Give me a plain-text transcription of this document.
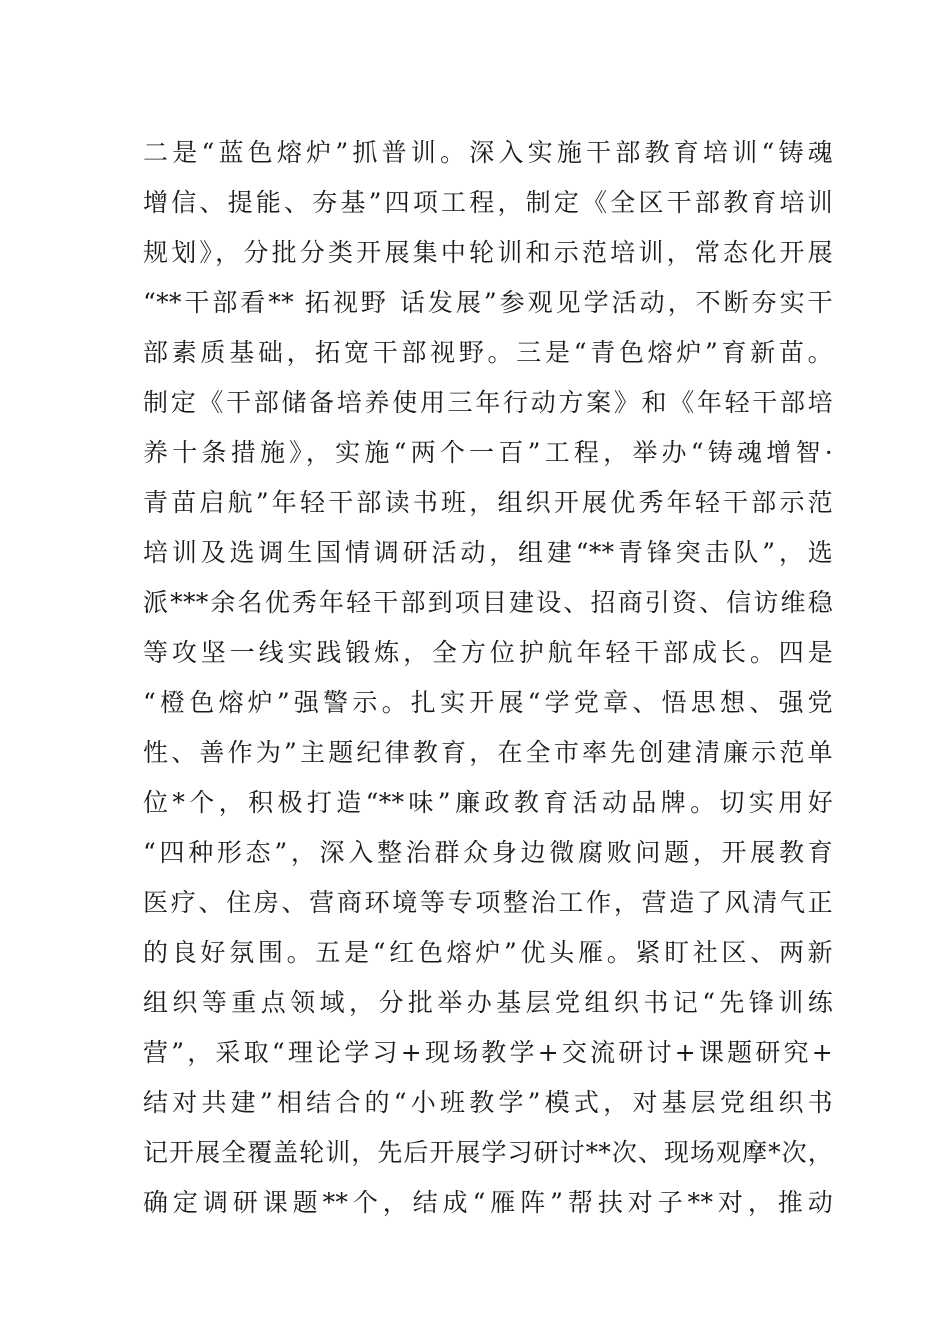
二是“蓝色熔炉”抓普训。深入实施干部教育培训“铸魂
增信、提能、夯基”四项工程，制定《全区干部教育培训
规划》，分批分类开展集中轮训和示范培训，常态化开展
“**干部看** 拓视野 话发展”参观见学活动，不断夯实干
部素质基础，拓宽干部视野。三是“青色熔炉”育新苗。
制定《干部储备培养使用三年行动方案》和《年轻干部培
养十条措施》，实施“两个一百”工程，举办“铸魂增智·
青苗启航”年轻干部读书班，组织开展优秀年轻干部示范
培训及选调生国情调研活动，组建“**青锋突击队”，选
派***余名优秀年轻干部到项目建设、招商引资、信访维稳
等攻坚一线实践锻炼，全方位护航年轻干部成长。四是
“橙色熔炉”强警示。扎实开展“学党章、悟思想、强党
性、善作为”主题纪律教育，在全市率先创建清廉示范单
位*个，积极打造“**味”廉政教育活动品牌。切实用好
“四种形态”，深入整治群众身边微腐败问题，开展教育
医疗、住房、营商环境等专项整治工作，营造了风清气正
的良好氛围。五是“红色熔炉”优头雁。紧盯社区、两新
组织等重点领域，分批举办基层党组织书记“先锋训练
营”，采取“理论学习+现场教学+交流研讨+课题研究+
结对共建”相结合的“小班教学”模式，对基层党组织书
记开展全覆盖轮训，先后开展学习研讨**次、现场观摩*次，
确定调研课题**个，结成“雁阵”帮扶对子**对，推动
